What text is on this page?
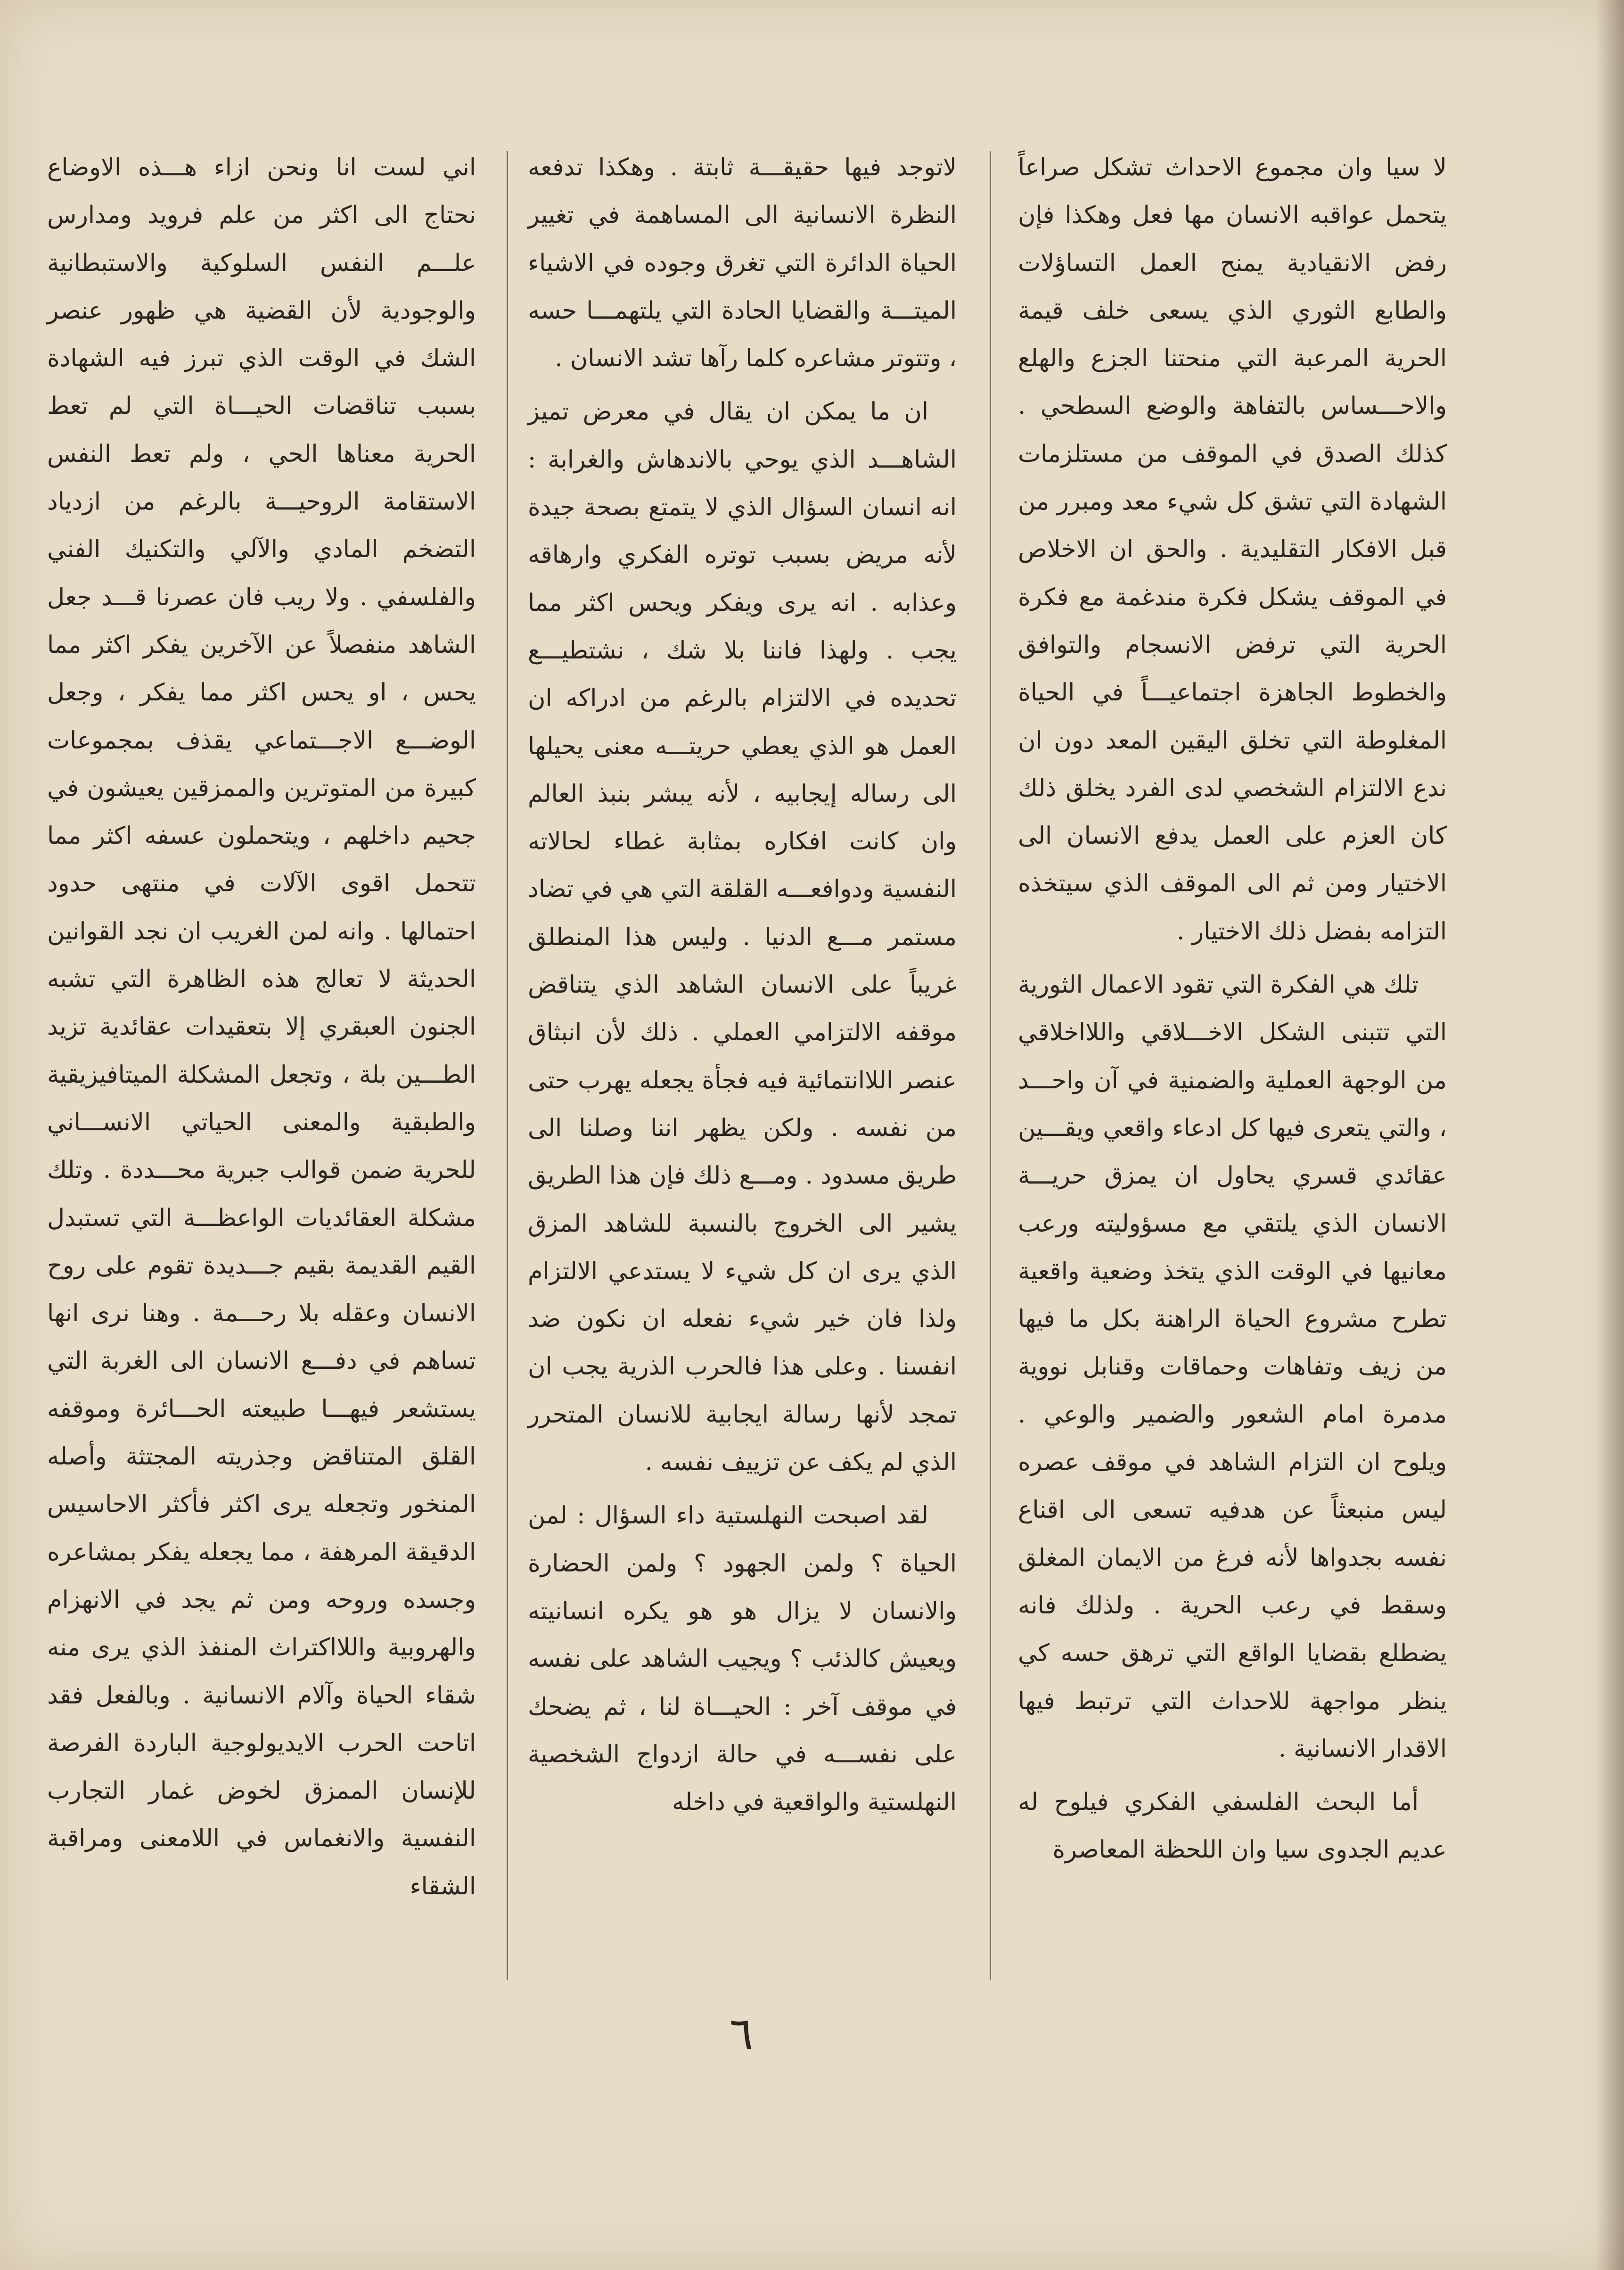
لا سيا وان مجموع الاحداث تشكل صراعاً يتحمل عواقبه الانسان مها فعل وهكذا فإن رفض الانقيادية يمنح العمل التساؤلات والطابع الثوري الذي يسعى خلف قيمة الحرية المرعبة التي منحتنا الجزع والهلع والاحـــساس بالتفاهة والوضع السطحي . كذلك الصدق في الموقف من مستلزمات الشهادة التي تشق كل شيء معد ومبرر من قبل الافكار التقليدية . والحق ان الاخلاص في الموقف يشكل فكرة مندغمة مع فكرة الحرية التي ترفض الانسجام والتوافق والخطوط الجاهزة اجتماعيـــاً في الحياة المغلوطة التي تخلق اليقين المعد دون ان ندع الالتزام الشخصي لدى الفرد يخلق ذلك كان العزم على العمل يدفع الانسان الى الاختيار ومن ثم الى الموقف الذي سيتخذه التزامه بفضل ذلك الاختيار .

تلك هي الفكرة التي تقود الاعمال الثورية التي تتبنى الشكل الاخـــلاقي واللااخلاقي من الوجهة العملية والضمنية في آن واحـــد ، والتي يتعرى فيها كل ادعاء واقعي ويقـــين عقائدي قسري يحاول ان يمزق حريـــة الانسان الذي يلتقي مع مسؤوليته ورعب معانيها في الوقت الذي يتخذ وضعية واقعية تطرح مشروع الحياة الراهنة بكل ما فيها من زيف وتفاهات وحماقات وقنابل نووية مدمرة امام الشعور والضمير والوعي . ويلوح ان التزام الشاهد في موقف عصره ليس منبعثاً عن هدفيه تسعى الى اقناع نفسه بجدواها لأنه فرغ من الايمان المغلق وسقط في رعب الحرية . ولذلك فانه يضطلع بقضايا الواقع التي ترهق حسه كي ينظر مواجهة للاحداث التي ترتبط فيها الاقدار الانسانية .

أما البحث الفلسفي الفكري فيلوح له عديم الجدوى سيا وان اللحظة المعاصرة

لاتوجد فيها حقيقـــة ثابتة . وهكذا تدفعه النظرة الانسانية الى المساهمة في تغيير الحياة الدائرة التي تغرق وجوده في الاشياء الميتـــة والقضايا الحادة التي يلتهمـــا حسه ، وتتوتر مشاعره كلما رآها تشد الانسان .

ان ما يمكن ان يقال في معرض تميز الشاهـــد الذي يوحي بالاندهاش والغرابة : انه انسان السؤال الذي لا يتمتع بصحة جيدة لأنه مريض بسبب توتره الفكري وارهاقه وعذابه . انه يرى ويفكر ويحس اكثر مما يجب . ولهذا فاننا بلا شك ، نشتطيـــع تحديده في الالتزام بالرغم من ادراكه ان العمل هو الذي يعطي حريتـــه معنى يحيلها الى رساله إيجابيه ، لأنه يبشر بنبذ العالم وان كانت افكاره بمثابة غطاء لحالاته النفسية ودوافعـــه القلقة التي هي في تضاد مستمر مـــع الدنيا . وليس هذا المنطلق غريباً على الانسان الشاهد الذي يتناقض موقفه الالتزامي العملي . ذلك لأن انبثاق عنصر اللاانتمائية فيه فجأة يجعله يهرب حتى من نفسه . ولكن يظهر اننا وصلنا الى طريق مسدود . ومـــع ذلك فإن هذا الطريق يشير الى الخروج بالنسبة للشاهد المزق الذي يرى ان كل شيء لا يستدعي الالتزام ولذا فان خير شيء نفعله ان نكون ضد انفسنا . وعلى هذا فالحرب الذرية يجب ان تمجد لأنها رسالة ايجابية للانسان المتحرر الذي لم يكف عن تزييف نفسه .

لقد اصبحت النهلستية داء السؤال : لمن الحياة ؟ ولمن الجهود ؟ ولمن الحضارة والانسان لا يزال هو هو يكره انسانيته ويعيش كالذئب ؟ ويجيب الشاهد على نفسه في موقف آخر : الحيـــاة لنا ، ثم يضحك على نفســـه في حالة ازدواج الشخصية النهلستية والواقعية في داخله

اني لست انا ونحن ازاء هـــذه الاوضاع نحتاج الى اكثر من علم فرويد ومدارس علـــم النفس السلوكية والاستبطانية والوجودية لأن القضية هي ظهور عنصر الشك في الوقت الذي تبرز فيه الشهادة بسبب تناقضات الحيـــاة التي لم تعط الحرية معناها الحي ، ولم تعط النفس الاستقامة الروحيـــة بالرغم من ازدياد التضخم المادي والآلي والتكنيك الفني والفلسفي . ولا ريب فان عصرنا قـــد جعل الشاهد منفصلاً عن الآخرين يفكر اكثر مما يحس ، او يحس اكثر مما يفكر ، وجعل الوضـــع الاجـــتماعي يقذف بمجموعات كبيرة من المتوترين والممزقين يعيشون في جحيم داخلهم ، ويتحملون عسفه اكثر مما تتحمل اقوى الآلات في منتهى حدود احتمالها . وانه لمن الغريب ان نجد القوانين الحديثة لا تعالج هذه الظاهرة التي تشبه الجنون العبقري إلا بتعقيدات عقائدية تزيد الطـــين بلة ، وتجعل المشكلة الميتافيزيقية والطبقية والمعنى الحياتي الانســـاني للحرية ضمن قوالب جبرية محـــددة . وتلك مشكلة العقائديات الواعظـــة التي تستبدل القيم القديمة بقيم جـــديدة تقوم على روح الانسان وعقله بلا رحـــمة . وهنا نرى انها تساهم في دفـــع الانسان الى الغربة التي يستشعر فيهـــا طبيعته الحـــائرة وموقفه القلق المتناقض وجذريته المجتثة وأصله المنخور وتجعله يرى اكثر فأكثر الاحاسيس الدقيقة المرهفة ، مما يجعله يفكر بمشاعره وجسده وروحه ومن ثم يجد في الانهزام والهروبية واللااكتراث المنفذ الذي يرى منه شقاء الحياة وآلام الانسانية . وبالفعل فقد اتاحت الحرب الايديولوجية الباردة الفرصة للإنسان الممزق لخوض غمار التجارب النفسية والانغماس في اللامعنى ومراقبة الشقاء

٦
